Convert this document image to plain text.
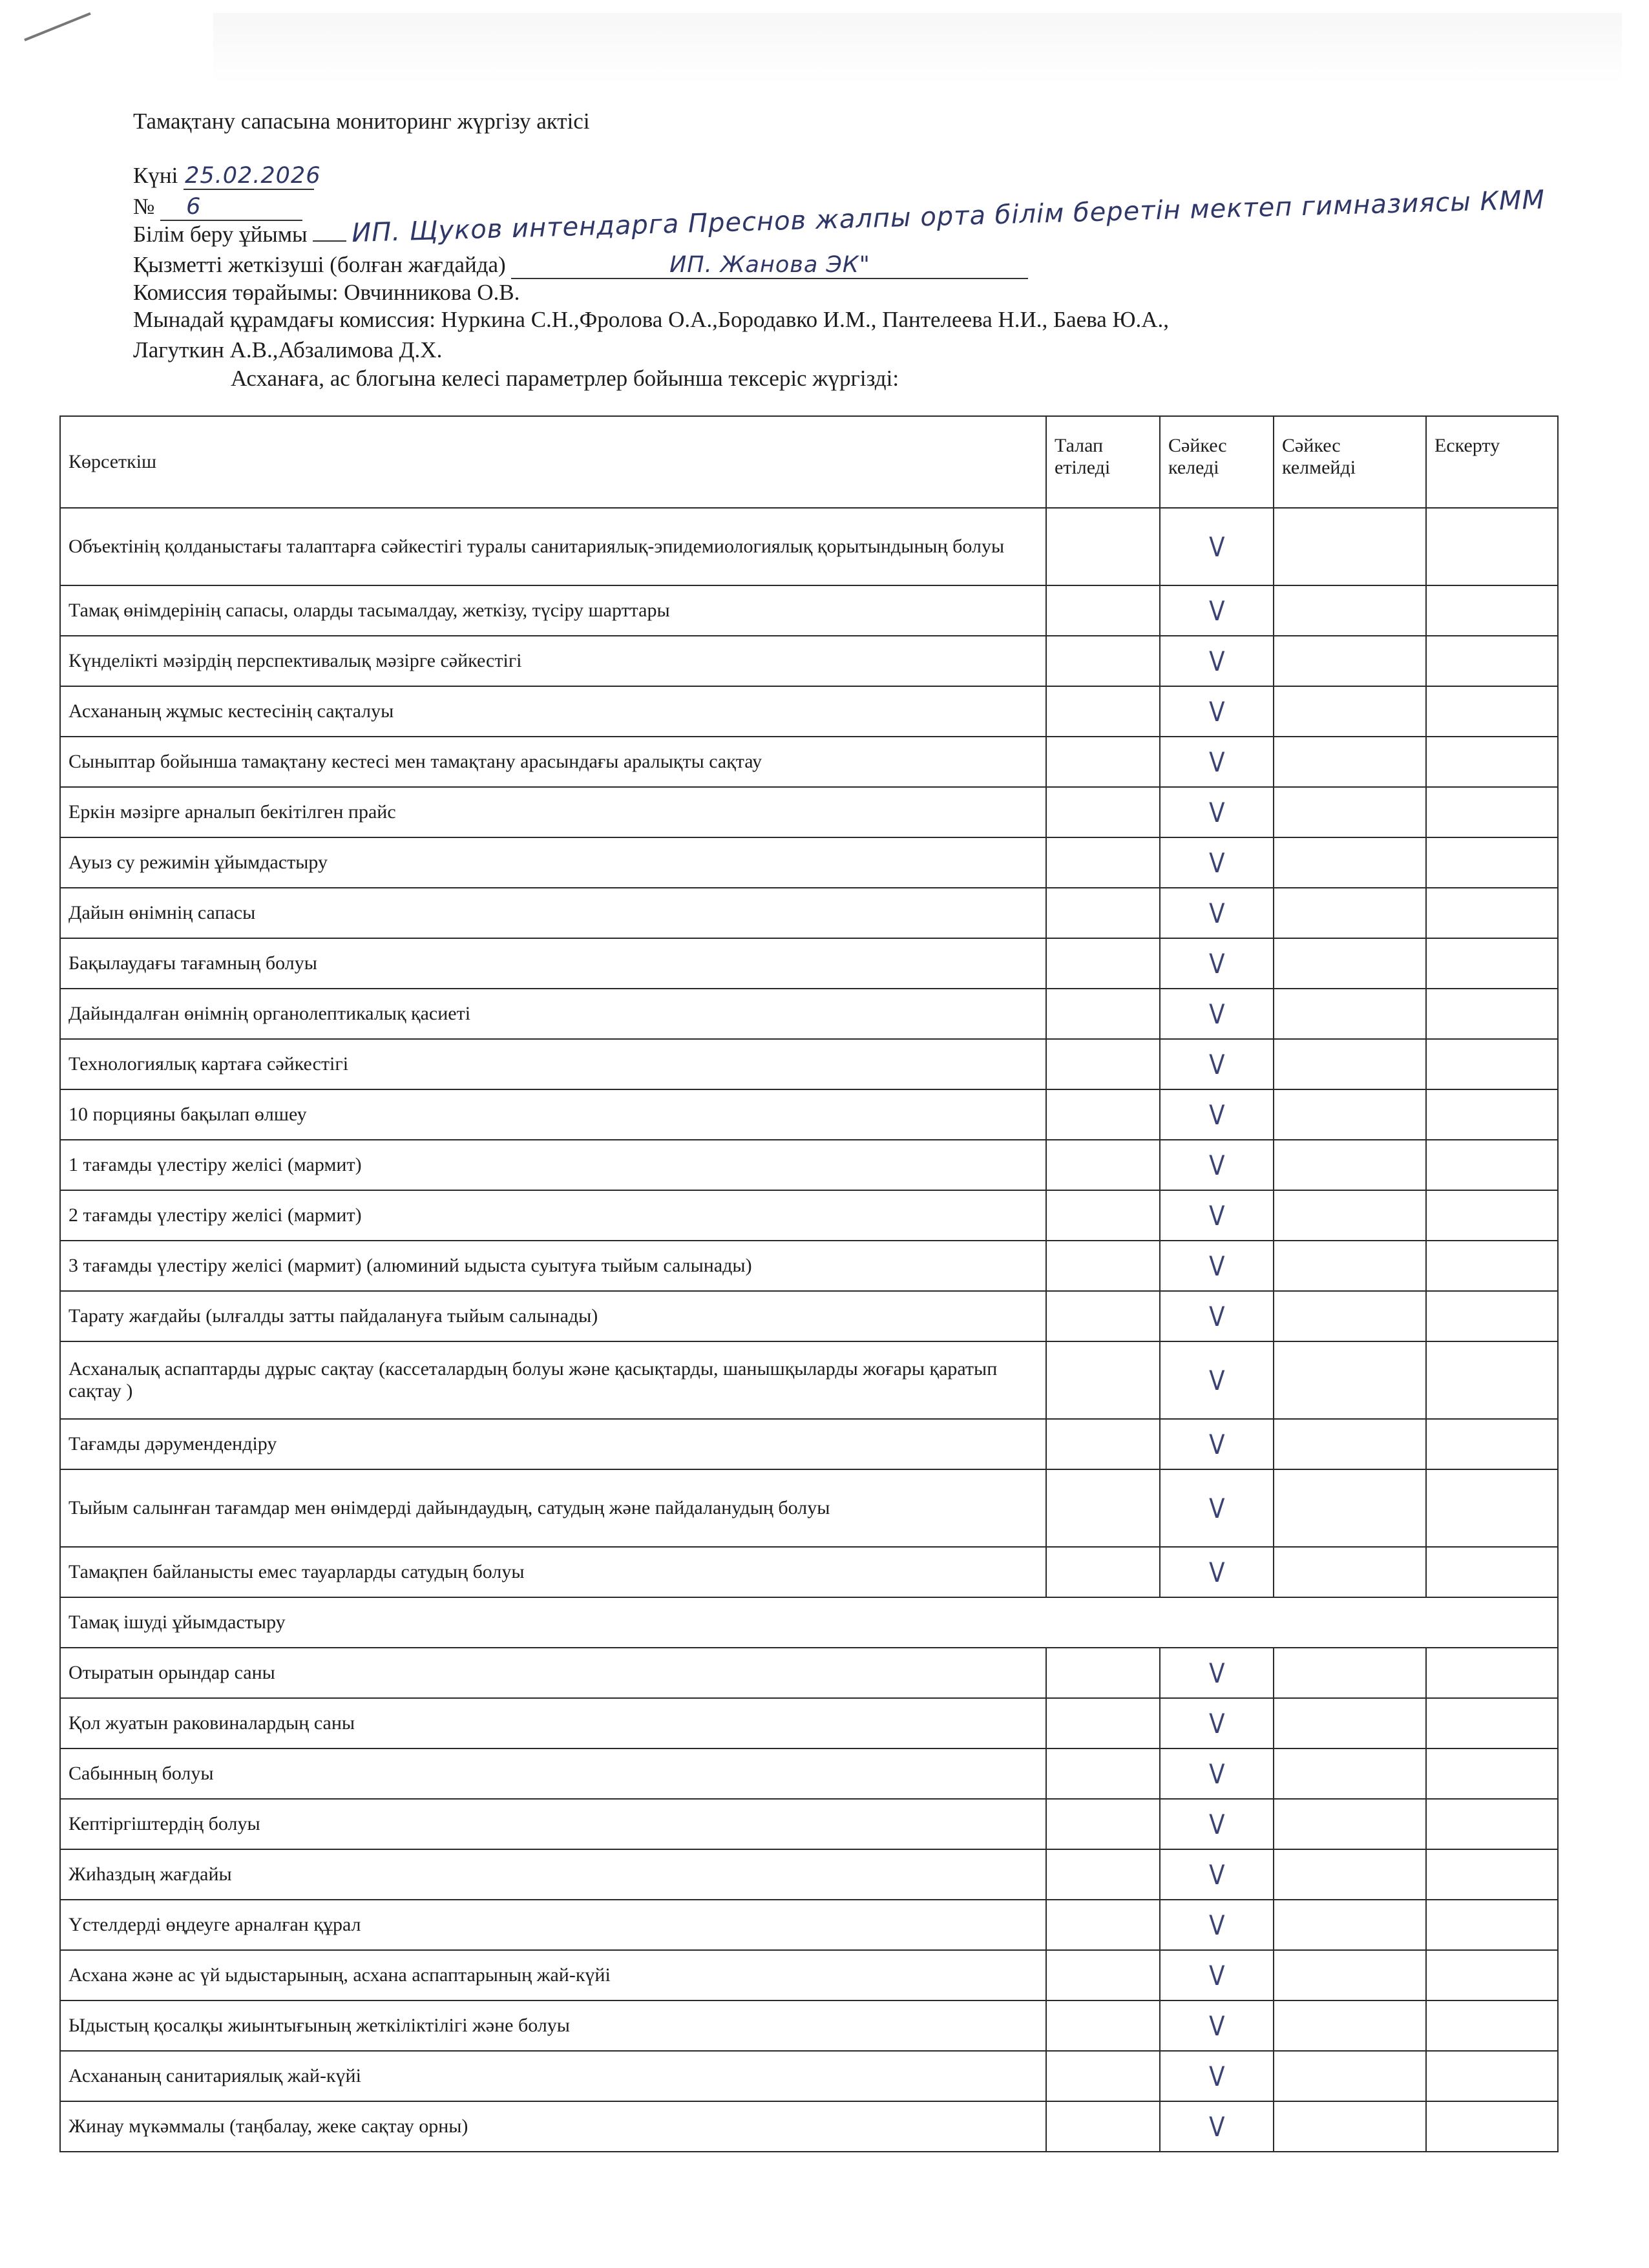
Тамақтану сапасына мониторинг жүргізу актісі
Күні 25.02.2026
№ 6
Білім беру ұйымы ИП. Щуков интендарга Преснов жалпы орта білім беретін мектеп гимназиясы КММ
Қызметті жеткізуші (болған жағдайда)	ИП. Жанова ЭК"
Комиссия төрайымы: Овчинникова О.В.
Мынадай құрамдағы комиссия: Нуркина С.Н.,Фролова О.А.,Бородавко И.М., Пантелеева Н.И., Баева Ю.А.,
Лагуткин А.В.,Абзалимова Д.Х.
Асханаға, ас блогына келесі параметрлер бойынша тексеріс жүргізді:
Көрсеткіш	Талап етіледі	Сәйкес келеді	Сәйкес келмейді	Ескерту
Объектінің қолданыстағы талаптарға сәйкестігі туралы санитариялық-эпидемиологиялық қорытындының болуы		V		
Тамақ өнімдерінің сапасы, оларды тасымалдау, жеткізу, түсіру шарттары		V		
Күнделікті мәзірдің перспективалық мәзірге сәйкестігі		V		
Асхананың жұмыс кестесінің сақталуы		V		
Сыныптар бойынша тамақтану кестесі мен тамақтану арасындағы аралықты сақтау		V		
Еркін мәзірге арналып бекітілген прайс		V		
Ауыз су режимін ұйымдастыру		V		
Дайын өнімнің сапасы		V		
Бақылаудағы тағамның болуы		V		
Дайындалған өнімнің органолептикалық қасиеті		V		
Технологиялық картаға сәйкестігі		V		
10 порцияны бақылап өлшеу		V		
1 тағамды үлестіру желісі (мармит)		V		
2 тағамды үлестіру желісі (мармит)		V		
3 тағамды үлестіру желісі (мармит) (алюминий ыдыста суытуға тыйым салынады)		V		
Тарату жағдайы (ылғалды затты пайдалануға тыйым салынады)		V		
Асханалық аспаптарды дұрыс сақтау (кассеталардың болуы және қасықтарды, шанышқыларды жоғары қаратып сақтау )		V		
Тағамды дәрумендендіру		V		
Тыйым салынған тағамдар мен өнімдерді дайындаудың, сатудың және пайдаланудың болуы		V		
Тамақпен байланысты емес тауарларды сатудың болуы		V		
Тамақ ішуді ұйымдастыру				
Отыратын орындар саны		V		
Қол жуатын раковиналардың саны		V		
Сабынның болуы		V		
Кептіргіштердің болуы		V		
Жиһаздың жағдайы		V		
Үстелдерді өңдеуге арналған құрал		V		
Асхана және ас үй ыдыстарының, асхана аспаптарының жай-күйі		V		
Ыдыстың қосалқы жиынтығының жеткіліктілігі және болуы		V		
Асхананың санитариялық жай-күйі		V		
Жинау мүкәммалы (таңбалау, жеке сақтау орны)		V		
